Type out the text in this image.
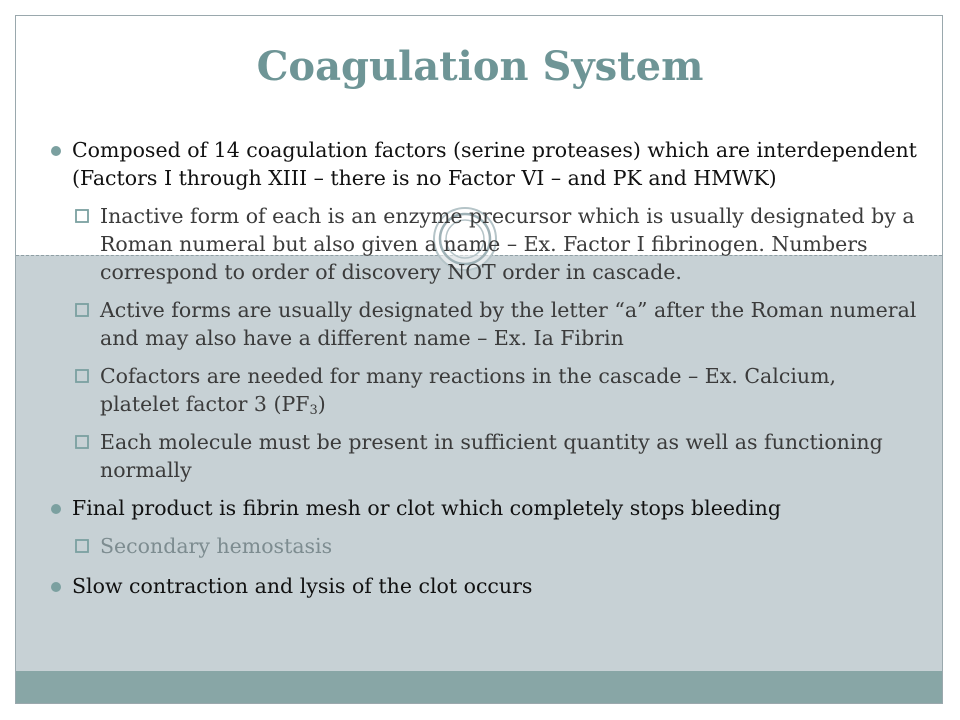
Coagulation System
Composed of 14 coagulation factors (serine proteases) which are interdependent (Factors I through XIII – there is no Factor VI – and PK and HMWK)
Inactive form of each is an enzyme precursor which is usually designated by a Roman numeral but also given a name – Ex. Factor I fibrinogen. Numbers correspond to order of discovery NOT order in cascade.
Active forms are usually designated by the letter “a” after the Roman numeral and may also have a different name – Ex. Ia Fibrin
Cofactors are needed for many reactions in the cascade – Ex. Calcium, platelet factor 3 $(PF_3)$
Each molecule must be present in sufficient quantity as well as functioning normally
Final product is fibrin mesh or clot which completely stops bleeding
Secondary hemostasis
Slow contraction and lysis of the clot occurs
